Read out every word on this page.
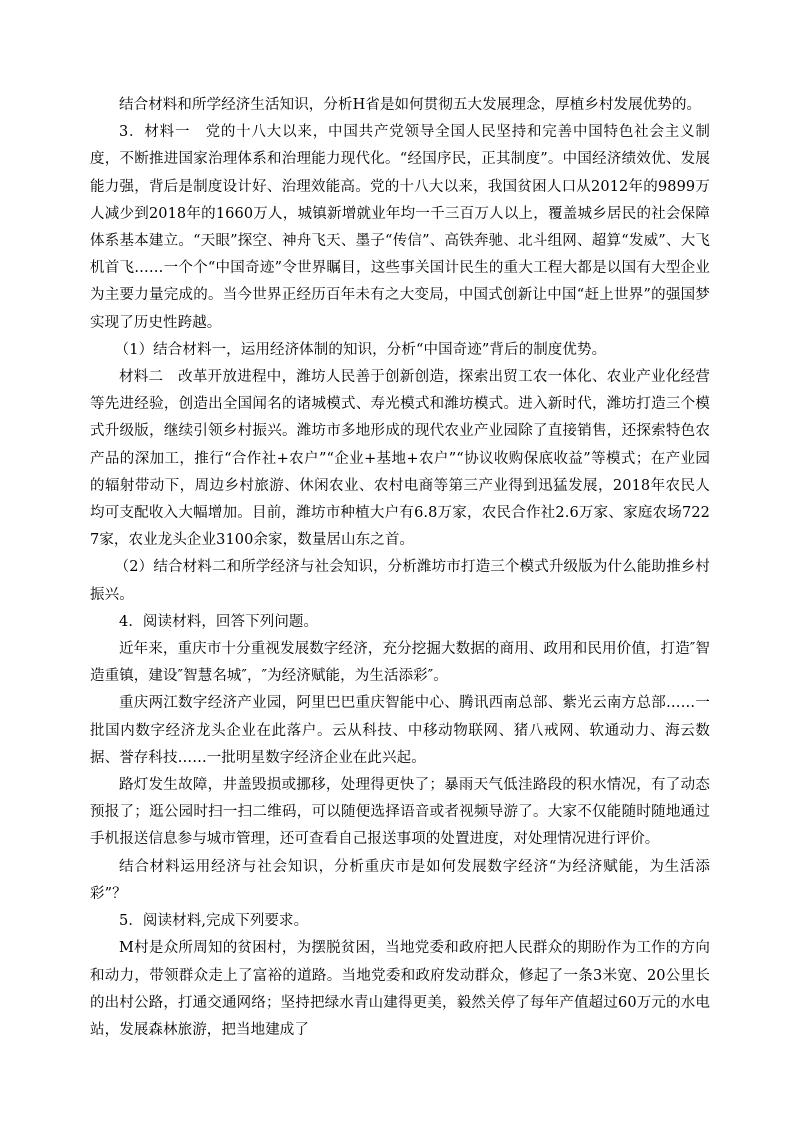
结合材料和所学经济生活知识，分析H省是如何贯彻五大发展理念，厚植乡村发展优势的。

3．材料一　党的十八大以来，中国共产党领导全国人民坚持和完善中国特色社会主义制度，不断推进国家治理体系和治理能力现代化。“经国序民，正其制度”。中国经济绩效优、发展能力强，背后是制度设计好、治理效能高。党的十八大以来，我国贫困人口从2012年的9899万人减少到2018年的1660万人，城镇新增就业年均一千三百万人以上，覆盖城乡居民的社会保障体系基本建立。“天眼”探空、神舟飞天、墨子“传信”、高铁奔驰、北斗组网、超算“发威”、大飞机首飞……一个个“中国奇迹”令世界瞩目，这些事关国计民生的重大工程大都是以国有大型企业为主要力量完成的。当今世界正经历百年未有之大变局，中国式创新让中国“赶上世界”的强国梦实现了历史性跨越。

（1）结合材料一，运用经济体制的知识，分析“中国奇迹”背后的制度优势。

材料二　改革开放进程中，潍坊人民善于创新创造，探索出贸工农一体化、农业产业化经营等先进经验，创造出全国闻名的诸城模式、寿光模式和潍坊模式。进入新时代，潍坊打造三个模式升级版，继续引领乡村振兴。潍坊市多地形成的现代农业产业园除了直接销售，还探索特色农产品的深加工，推行“合作社+农户”“企业+基地+农户”“协议收购保底收益”等模式；在产业园的辐射带动下，周边乡村旅游、休闲农业、农村电商等第三产业得到迅猛发展，2018年农民人均可支配收入大幅增加。目前，潍坊市种植大户有6.8万家，农民合作社2.6万家、家庭农场7227家，农业龙头企业3100余家，数量居山东之首。

（2）结合材料二和所学经济与社会知识，分析潍坊市打造三个模式升级版为什么能助推乡村振兴。

4．阅读材料，回答下列问题。

近年来，重庆市十分重视发展数字经济，充分挖掘大数据的商用、政用和民用价值，打造″智造重镇，建设″智慧名城″，″为经济赋能，为生活添彩″。

重庆两江数字经济产业园，阿里巴巴重庆智能中心、腾讯西南总部、紫光云南方总部……一批国内数字经济龙头企业在此落户。云从科技、中移动物联网、猪八戒网、软通动力、海云数据、誉存科技……一批明星数字经济企业在此兴起。

路灯发生故障，井盖毁损或挪移，处理得更快了；暴雨天气低洼路段的积水情况，有了动态预报了；逛公园时扫一扫二维码，可以随便选择语音或者视频导游了。大家不仅能随时随地通过手机报送信息参与城市管理，还可查看自己报送事项的处置进度，对处理情况进行评价。

结合材料运用经济与社会知识，分析重庆市是如何发展数字经济“为经济赋能，为生活添彩”？

5．阅读材料,完成下列要求。

M村是众所周知的贫困村，为摆脱贫困，当地党委和政府把人民群众的期盼作为工作的方向和动力，带领群众走上了富裕的道路。当地党委和政府发动群众，修起了一条3米宽、20公里长的出村公路，打通交通网络；坚持把绿水青山建得更美，毅然关停了每年产值超过60万元的水电站，发展森林旅游，把当地建成了
